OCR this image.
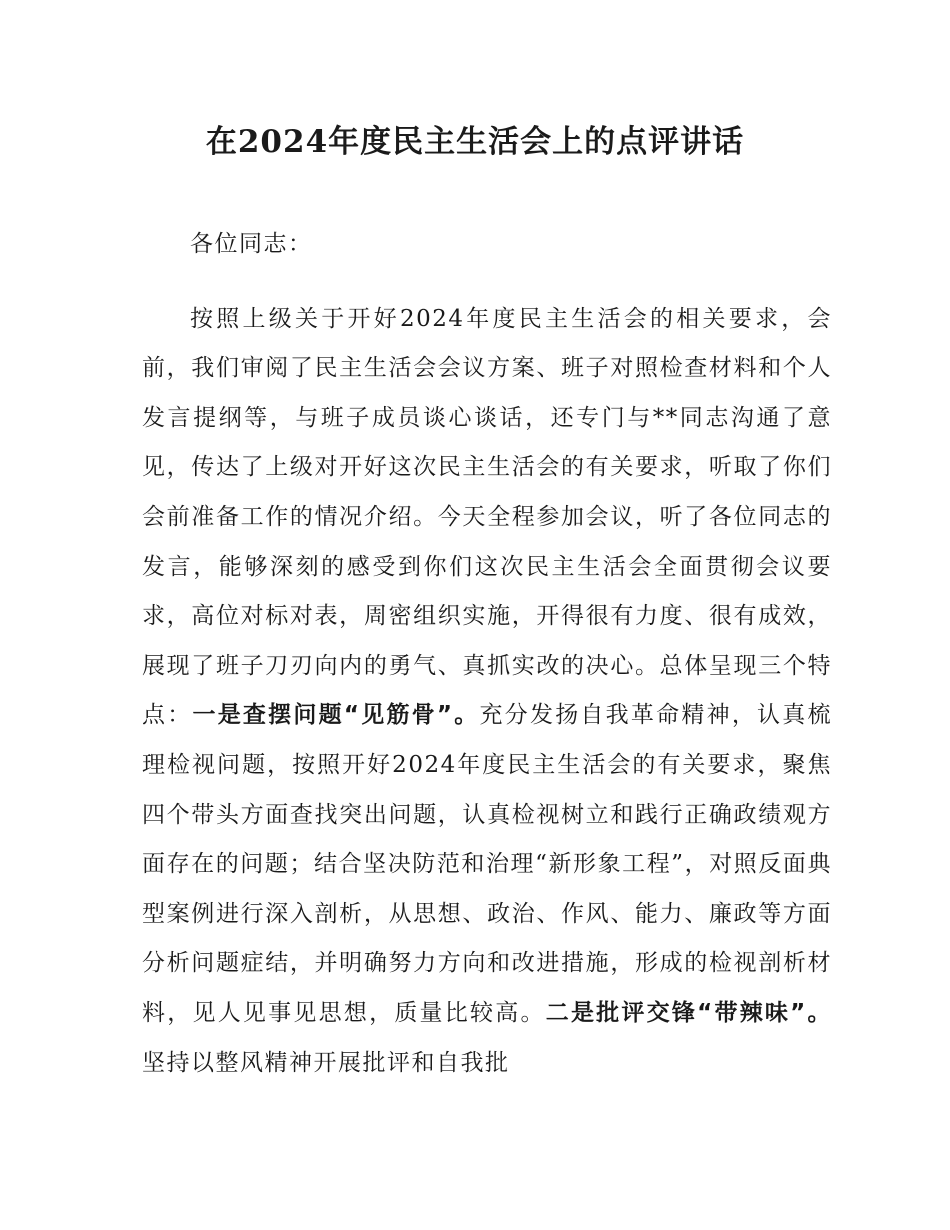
在2024年度民主生活会上的点评讲话

各位同志：

按照上级关于开好2024年度民主生活会的相关要求，会前，我们审阅了民主生活会会议方案、班子对照检查材料和个人发言提纲等，与班子成员谈心谈话，还专门与**同志沟通了意见，传达了上级对开好这次民主生活会的有关要求，听取了你们会前准备工作的情况介绍。今天全程参加会议，听了各位同志的发言，能够深刻的感受到你们这次民主生活会全面贯彻会议要求，高位对标对表，周密组织实施，开得很有力度、很有成效，展现了班子刀刃向内的勇气、真抓实改的决心。总体呈现三个特点：一是查摆问题“见筋骨”。充分发扬自我革命精神，认真梳理检视问题，按照开好2024年度民主生活会的有关要求，聚焦四个带头方面查找突出问题，认真检视树立和践行正确政绩观方面存在的问题；结合坚决防范和治理“新形象工程”，对照反面典型案例进行深入剖析，从思想、政治、作风、能力、廉政等方面分析问题症结，并明确努力方向和改进措施，形成的检视剖析材料，见人见事见思想，质量比较高。二是批评交锋“带辣味”。坚持以整风精神开展批评和自我批
